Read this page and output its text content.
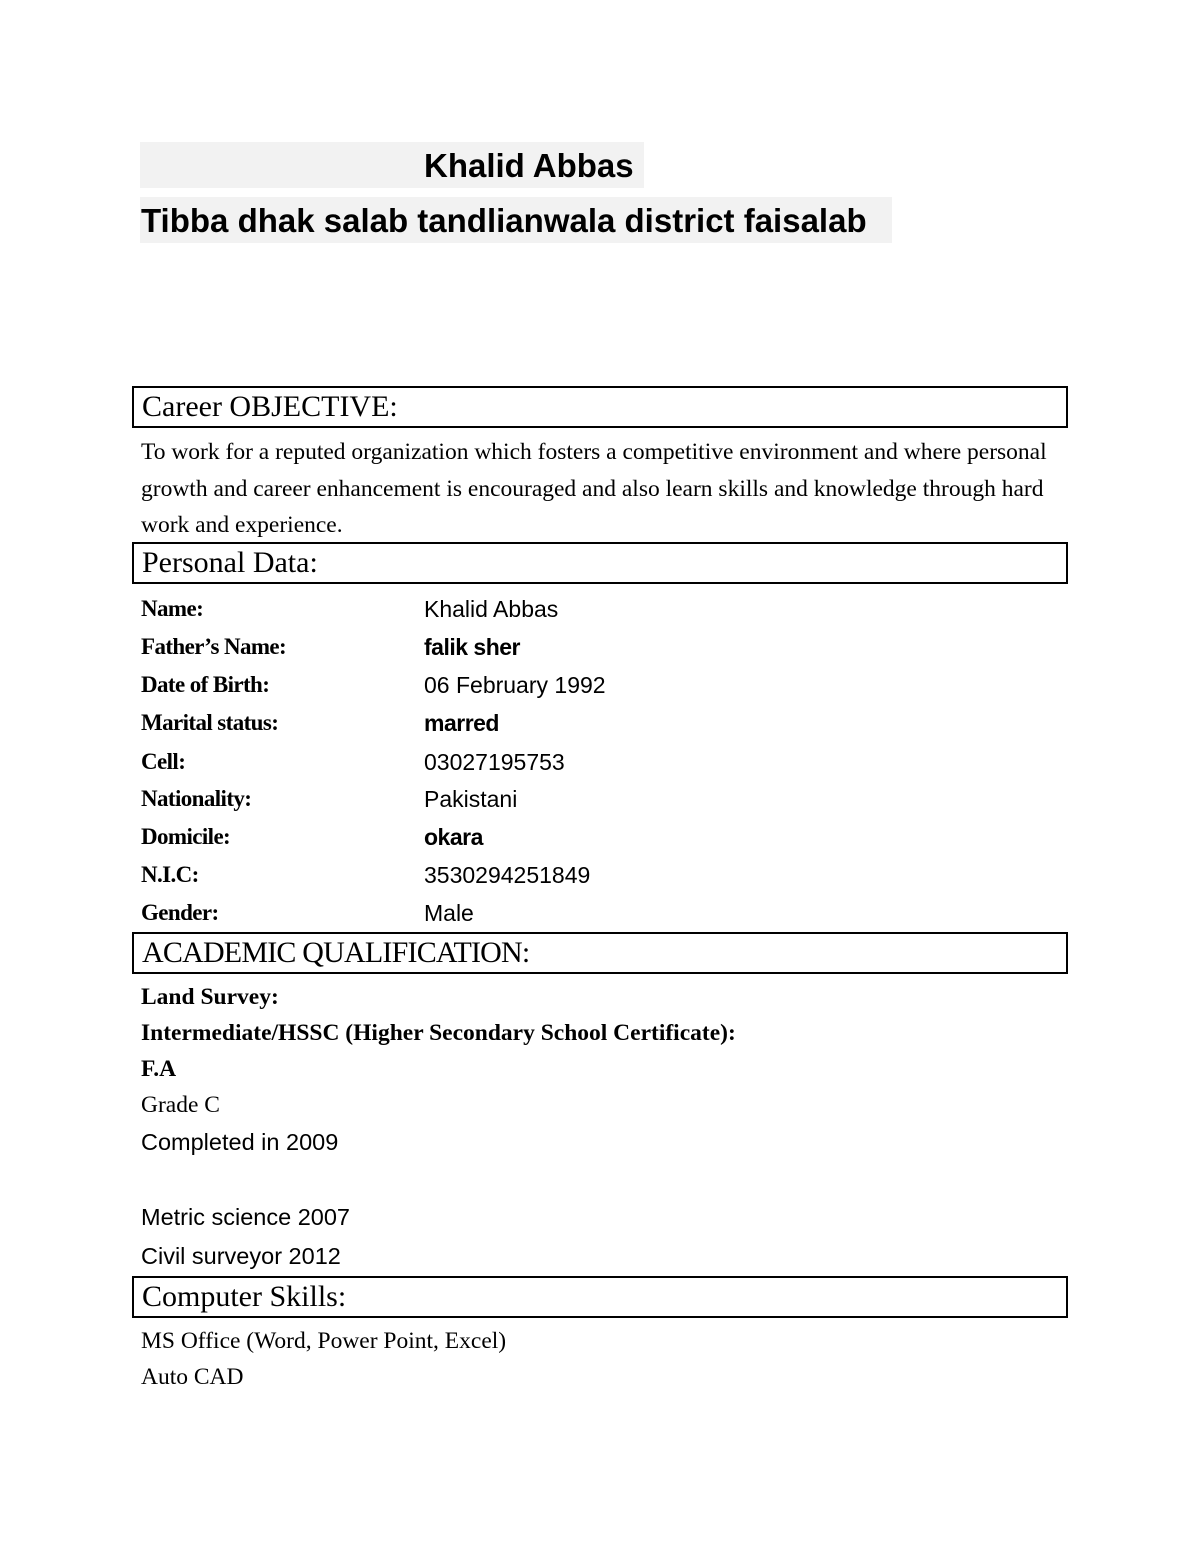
Khalid Abbas
Tibba dhak salab tandlianwala district faisalab
Career OBJECTIVE:
To work for a reputed organization which fosters a competitive environment and where personal growth and career enhancement is encouraged and also learn skills and knowledge through hard work and experience.
Personal Data:
Name:	Khalid Abbas
Father’s Name:	falik sher
Date of Birth:	06 February 1992
Marital status:	marred
Cell:	03027195753
Nationality:	Pakistani
Domicile:	okara
N.I.C:	3530294251849
Gender:	Male
ACADEMIC QUALIFICATION:
Land Survey:
Intermediate/HSSC (Higher Secondary School Certificate):
F.A
Grade C
Completed in 2009
Metric science 2007
Civil surveyor 2012
Computer Skills:
MS Office (Word, Power Point, Excel)
Auto CAD
